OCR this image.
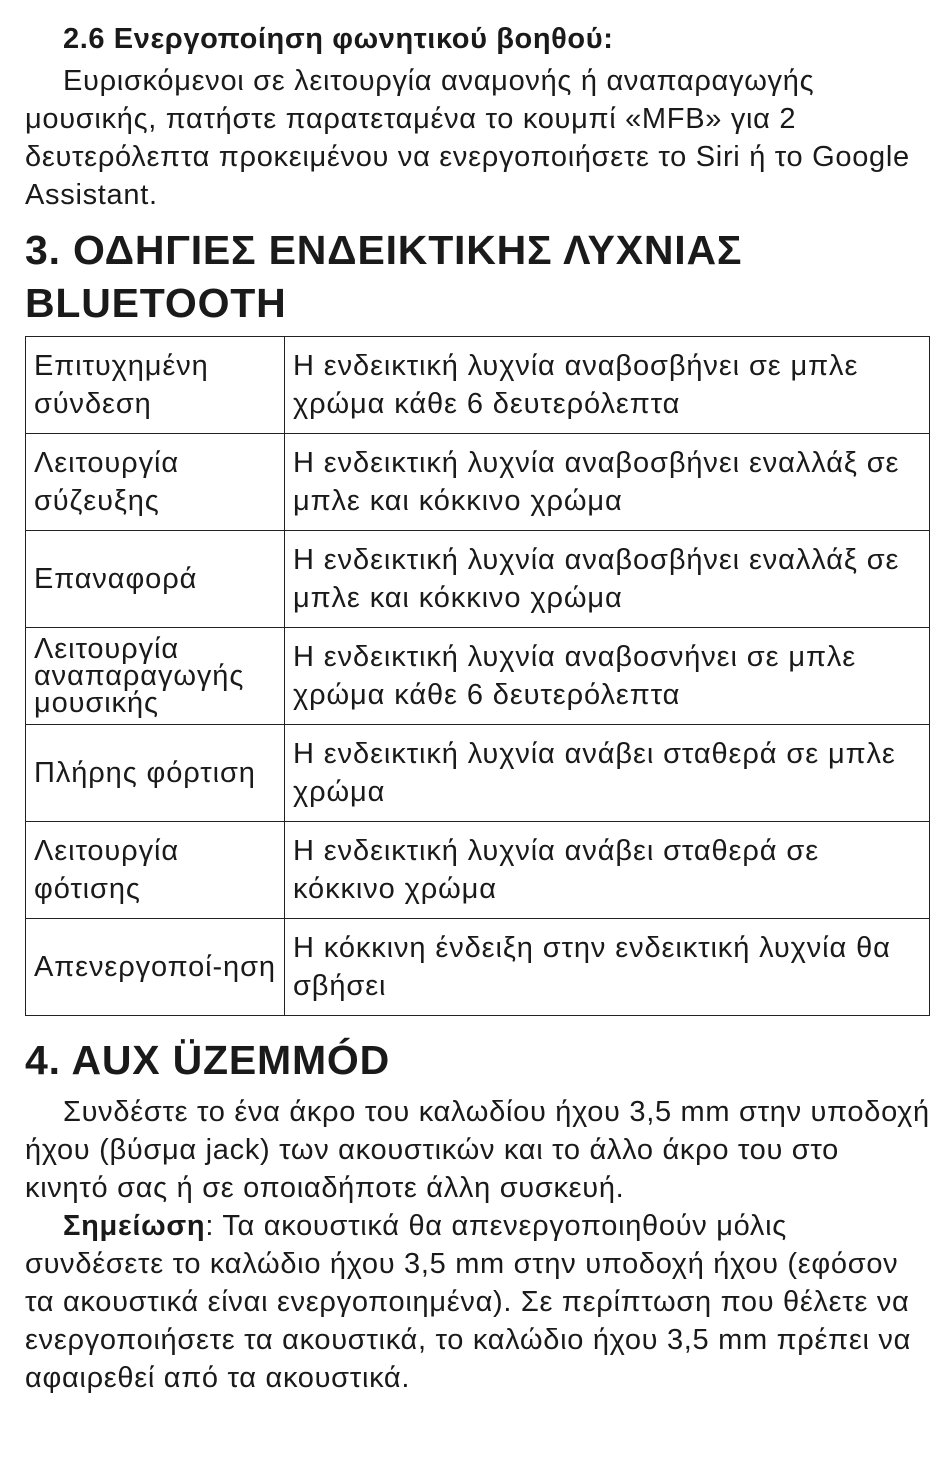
2.6 Ενεργοποίηση φωνητικού βοηθού:

Ευρισκόμενοι σε λειτουργία αναμονής ή αναπαραγωγής μουσικής, πατήστε παρατεταμένα το κουμπί «MFB» για 2 δευτερόλεπτα προκειμένου να ενεργοποιήσετε το Siri ή το Google Assistant.

3. ΟΔΗΓΙΕΣ ΕΝΔΕΙΚΤΙΚΗΣ ΛΥΧΝΙΑΣ BLUETOOTH
Επιτυχημένη σύνδεση	Η ενδεικτική λυχνία αναβοσβήνει σε μπλε χρώμα κάθε 6 δευτερόλεπτα
Λειτουργία σύζευξης	Η ενδεικτική λυχνία αναβοσβήνει εναλλάξ σε μπλε και κόκκινο χρώμα
Επαναφορά	Η ενδεικτική λυχνία αναβοσβήνει εναλλάξ σε μπλε και κόκκινο χρώμα
Λειτουργία αναπαραγωγής μουσικής	Η ενδεικτική λυχνία αναβοσνήνει σε μπλε χρώμα κάθε 6 δευτερόλεπτα
Πλήρης φόρτιση	Η ενδεικτική λυχνία ανάβει σταθερά σε μπλε χρώμα
Λειτουργία φότισης	Η ενδεικτική λυχνία ανάβει σταθερά σε κόκκινο χρώμα
Απενεργοποί-ηση	Η κόκκινη ένδειξη στην ενδεικτική λυχνία θα σβήσει
4. AUX ÜZEMMÓD

Συνδέστε το ένα άκρο του καλωδίου ήχου 3,5 mm στην υποδοχή ήχου (βύσμα jack) των ακουστικών και το άλλο άκρο του στο κινητό σας ή σε οποιαδήποτε άλλη συσκευή.

Σημείωση: Τα ακουστικά θα απενεργοποιηθούν μόλις συνδέσετε το καλώδιο ήχου 3,5 mm στην υποδοχή ήχου (εφόσον τα ακουστικά είναι ενεργοποιημένα). Σε περίπτωση που θέλετε να ενεργοποιήσετε τα ακουστικά, το καλώδιο ήχου 3,5 mm πρέπει να αφαιρεθεί από τα ακουστικά.
